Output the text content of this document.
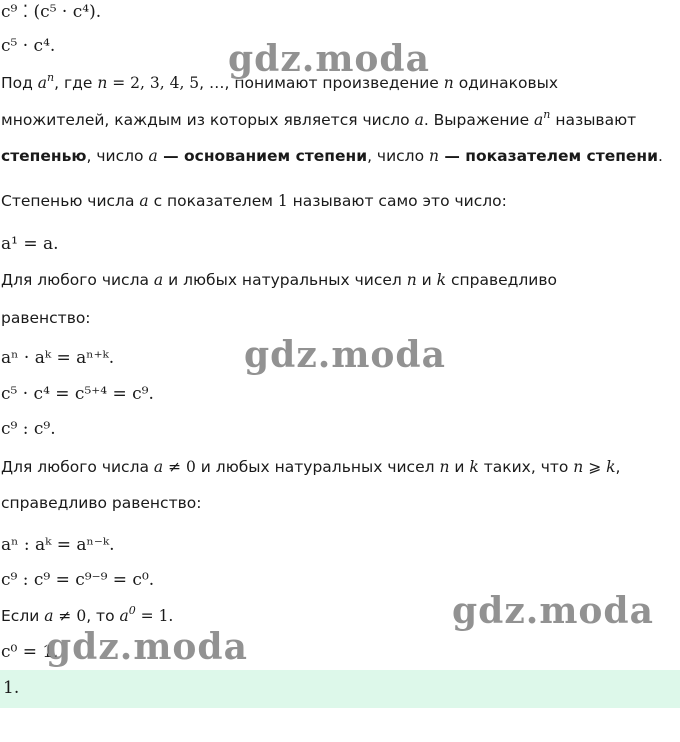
c⁹ ⁚ (c⁵ · c⁴).
c⁵ · c⁴.
Под $a^n$, где n = 2, 3, 4, 5, …, понимают произведение n одинаковых
множителей, каждым из которых является число a. Выражение $a^n$ называют
степенью, число a — основанием степени, число n — показателем степени.
Степенью числа a с показателем 1 называют само это число:
a¹ = a.
Для любого числа a и любых натуральных чисел n и k справедливо
равенство:
aⁿ · aᵏ = aⁿ⁺ᵏ.
c⁵ · c⁴ = c⁵⁺⁴ = c⁹.
c⁹ : c⁹.
Для любого числа a ≠ 0 и любых натуральных чисел n и k таких, что n ⩾ k,
справедливо равенство:
aⁿ : aᵏ = aⁿ⁻ᵏ.
c⁹ : c⁹ = c⁹⁻⁹ = c⁰.
Если a ≠ 0, то $a^0 = 1$.
c⁰ = 1.
1.
gdz.moda
gdz.moda
gdz.moda
gdz.moda
